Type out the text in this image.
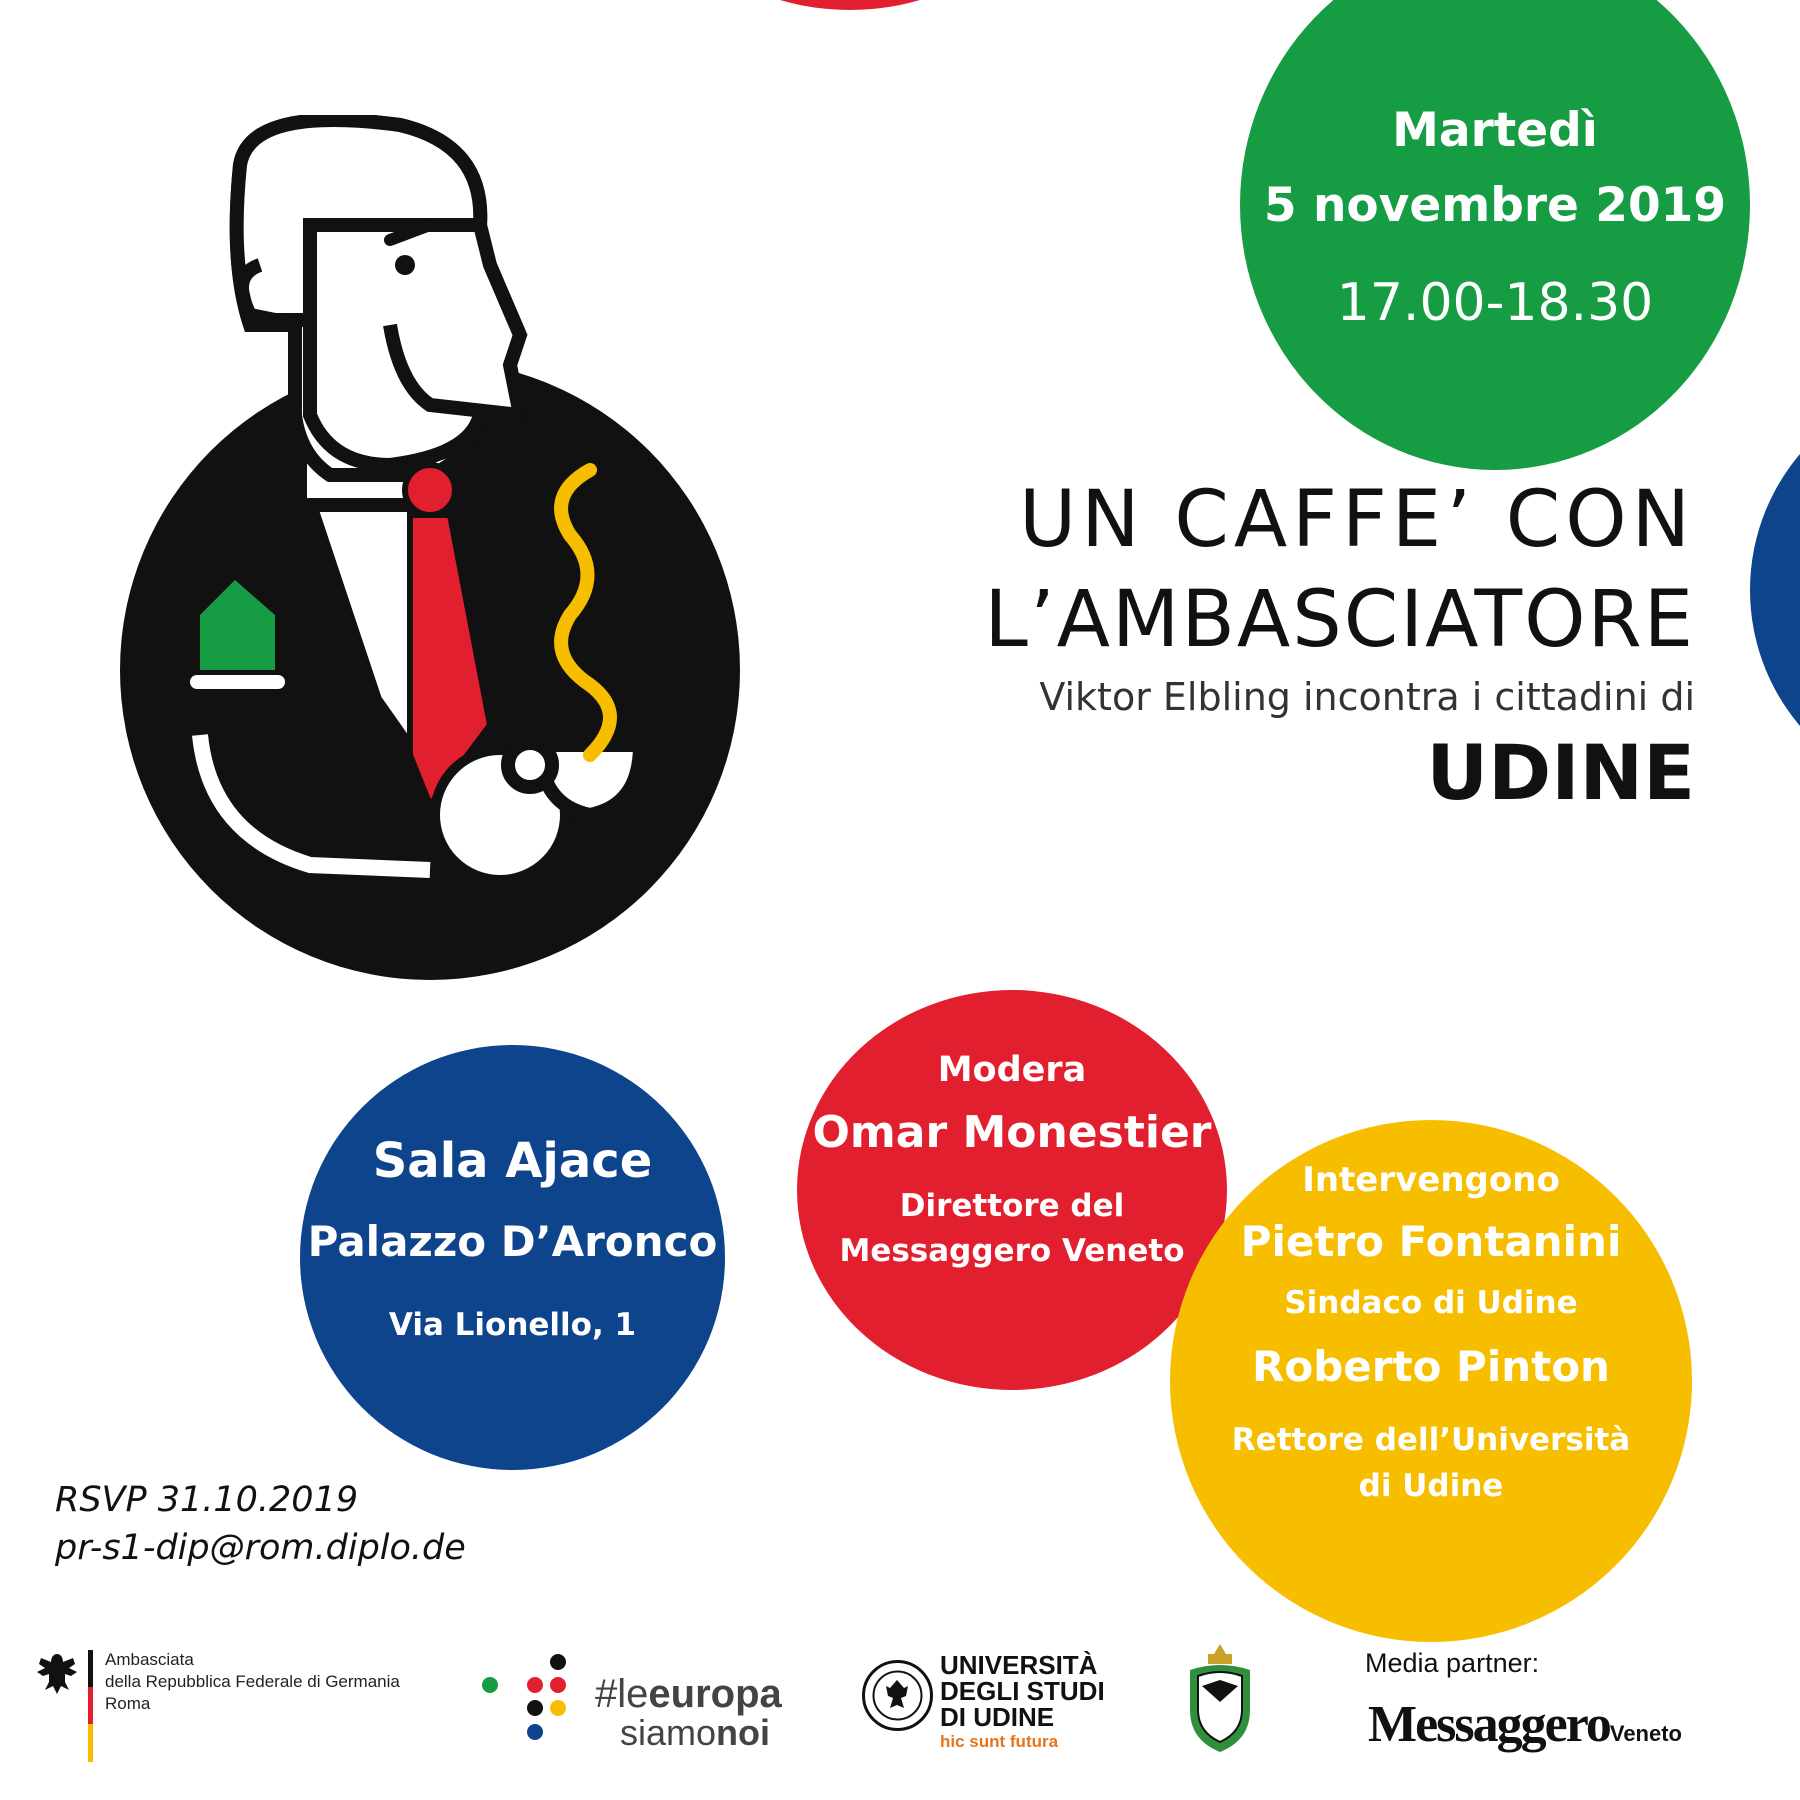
Martedì
5 novembre 2019
17.00-18.30
UN CAFFE’ CON
L’AMBASCIATORE
Viktor Elbling incontra i cittadini di
UDINE
Sala Ajace
Palazzo D’Aronco
Via Lionello, 1
Modera
Omar Monestier
Direttore del
Messaggero Veneto
Intervengono
Pietro Fontanini
Sindaco di Udine
Roberto Pinton
Rettore dell’Università
di Udine
RSVP 31.10.2019
pr-s1-dip@rom.diplo.de
Ambasciata
della Repubblica Federale di Germania
Roma	#leeuropa
siamonoi
UNIVERSITÀ
DEGLI STUDI
DI UDINE
hic sunt futura
Media partner:
MessaggeroVeneto
